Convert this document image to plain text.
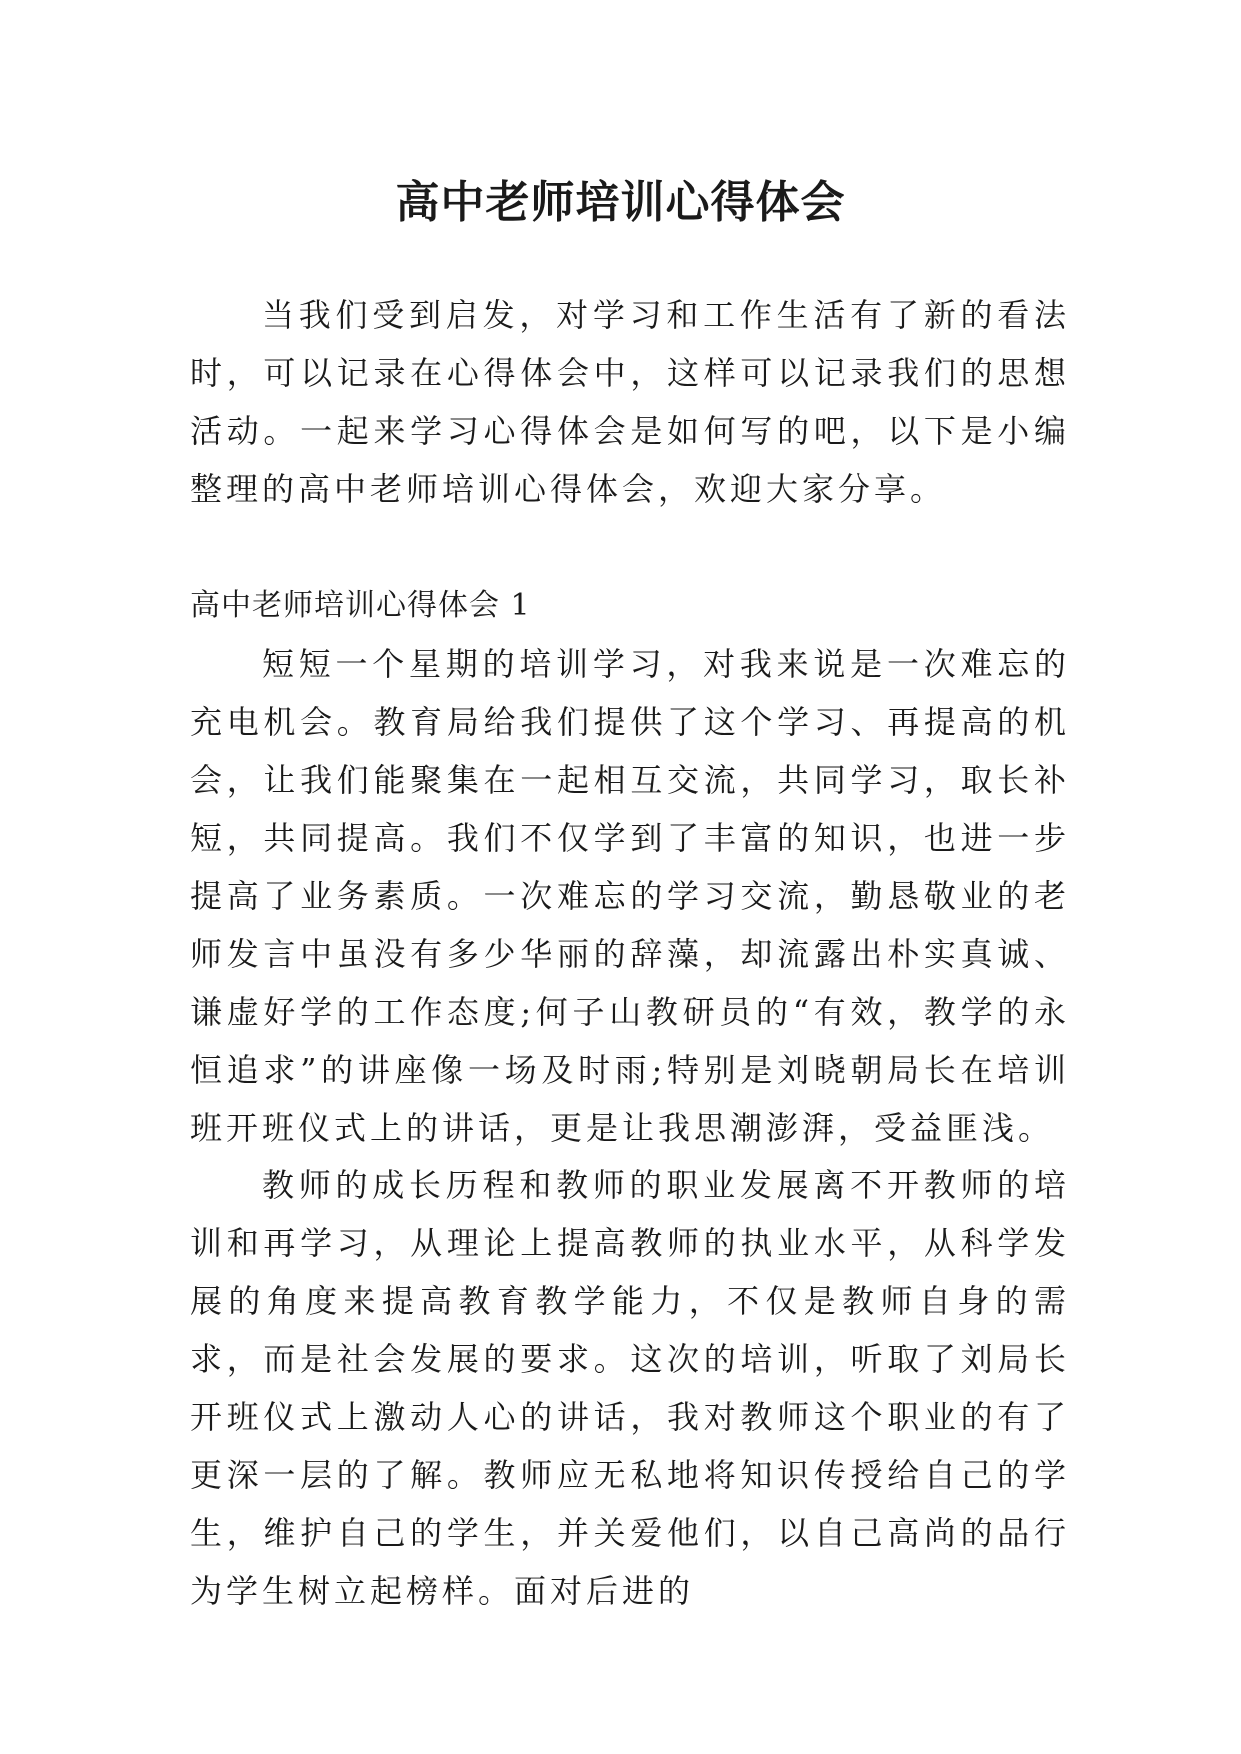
高中老师培训心得体会

当我们受到启发，对学习和工作生活有了新的看法时，可以记录在心得体会中，这样可以记录我们的思想活动。一起来学习心得体会是如何写的吧，以下是小编整理的高中老师培训心得体会，欢迎大家分享。

高中老师培训心得体会 1

短短一个星期的培训学习，对我来说是一次难忘的充电机会。教育局给我们提供了这个学习、再提高的机会，让我们能聚集在一起相互交流，共同学习，取长补短，共同提高。我们不仅学到了丰富的知识，也进一步提高了业务素质。一次难忘的学习交流，勤恳敬业的老师发言中虽没有多少华丽的辞藻，却流露出朴实真诚、谦虚好学的工作态度;何子山教研员的“有效，教学的永恒追求”的讲座像一场及时雨;特别是刘晓朝局长在培训班开班仪式上的讲话，更是让我思潮澎湃，受益匪浅。

教师的成长历程和教师的职业发展离不开教师的培训和再学习，从理论上提高教师的执业水平，从科学发展的角度来提高教育教学能力，不仅是教师自身的需求，而是社会发展的要求。这次的培训，听取了刘局长开班仪式上激动人心的讲话，我对教师这个职业的有了更深一层的了解。教师应无私地将知识传授给自己的学生，维护自己的学生，并关爱他们，以自己高尚的品行为学生树立起榜样。面对后进的
